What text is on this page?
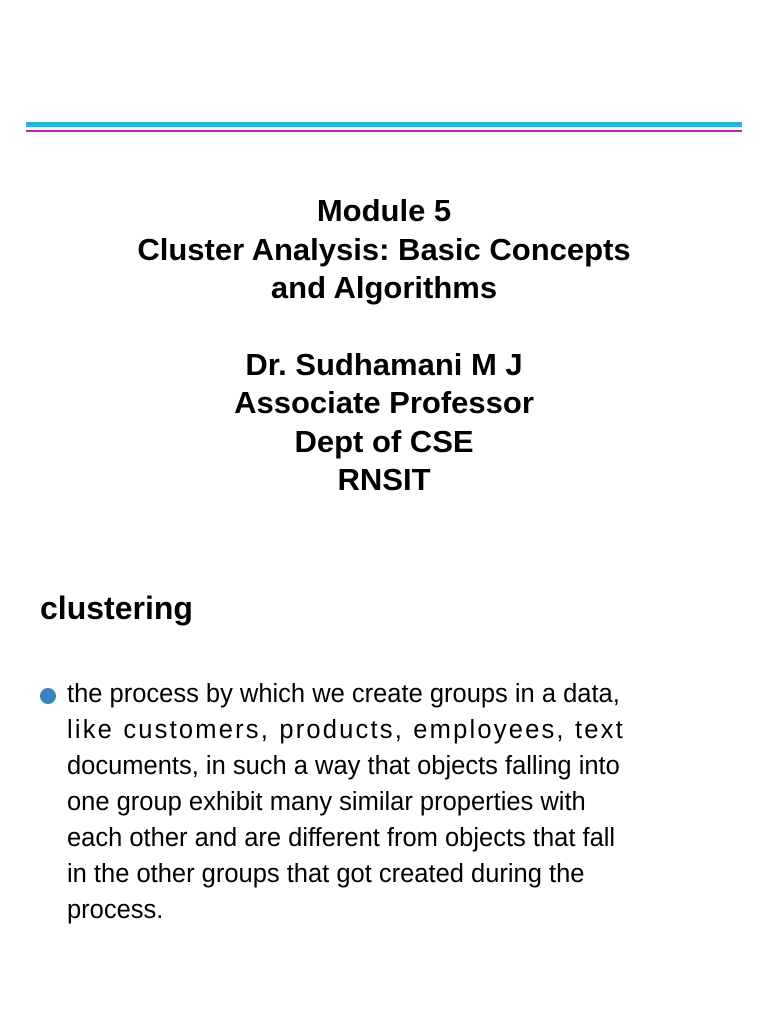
Module 5
Cluster Analysis: Basic Concepts
and Algorithms
Dr. Sudhamani M J
Associate Professor
Dept of CSE
RNSIT
clustering
the process by which we create groups in a data,
like customers, products, employees, text
documents, in such a way that objects falling into
one group exhibit many similar properties with
each other and are different from objects that fall
in the other groups that got created during the
process.
